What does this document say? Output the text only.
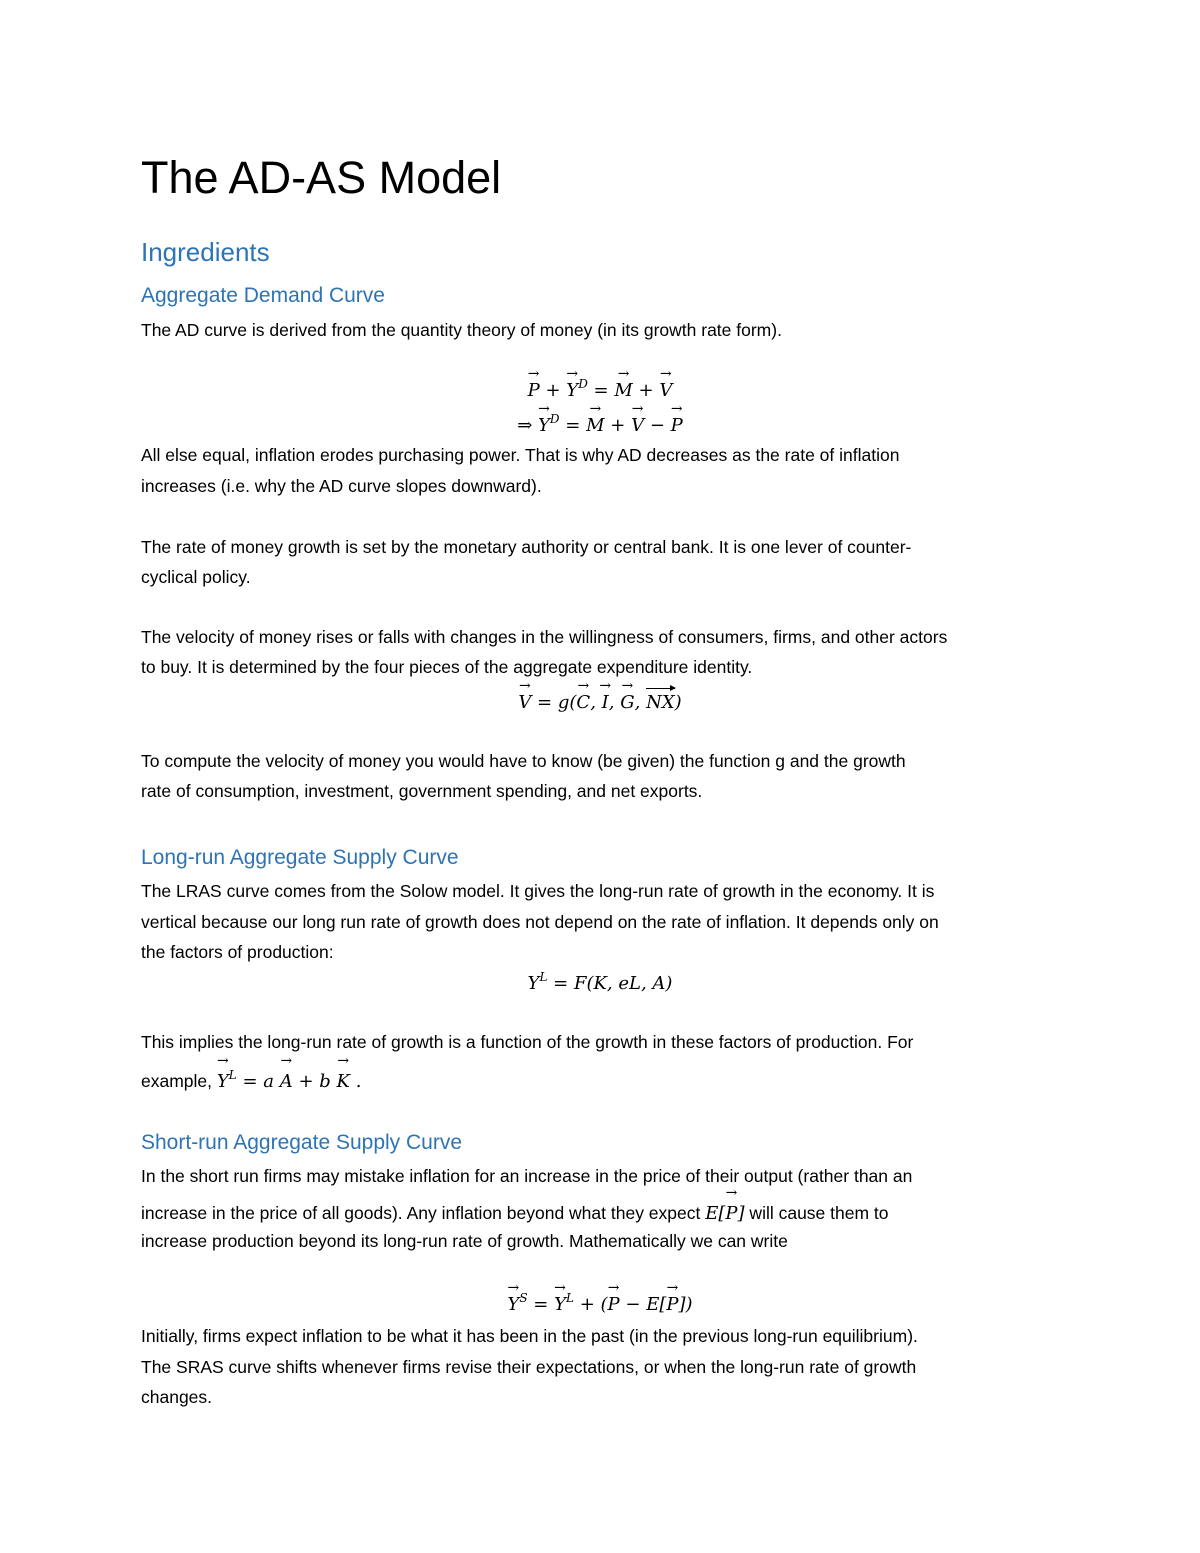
The AD-AS Model
Ingredients
Aggregate Demand Curve
The AD curve is derived from the quantity theory of money (in its growth rate form).
→ P + → $Y^D$ = → M + → V
⇒ → $Y^D$ = → M + → V − → P
All else equal, inflation erodes purchasing power. That is why AD decreases as the rate of inflation
increases (i.e. why the AD curve slopes downward).
The rate of money growth is set by the monetary authority or central bank. It is one lever of counter-
cyclical policy.
The velocity of money rises or falls with changes in the willingness of consumers, firms, and other actors
to buy. It is determined by the four pieces of the aggregate expenditure identity.
→ V = g(→ C, → I, → G, NX)
To compute the velocity of money you would have to know (be given) the function g and the growth
rate of consumption, investment, government spending, and net exports.
Long-run Aggregate Supply Curve
The LRAS curve comes from the Solow model. It gives the long-run rate of growth in the economy. It is
vertical because our long run rate of growth does not depend on the rate of inflation. It depends only on
the factors of production:
$Y^L = F(K$, eL, A)
This implies the long-run rate of growth is a function of the growth in these factors of production. For
example, → $Y^L = a \to A + b \to K$ .
Short-run Aggregate Supply Curve
In the short run firms may mistake inflation for an increase in the price of their output (rather than an
increase in the price of all goods). Any inflation beyond what they expect E[→ P] will cause them to
increase production beyond its long-run rate of growth. Mathematically we can write
→ $Y^S$ = → $Y^L$ + (→ P − E[→ P])
Initially, firms expect inflation to be what it has been in the past (in the previous long-run equilibrium).
The SRAS curve shifts whenever firms revise their expectations, or when the long-run rate of growth
changes.
